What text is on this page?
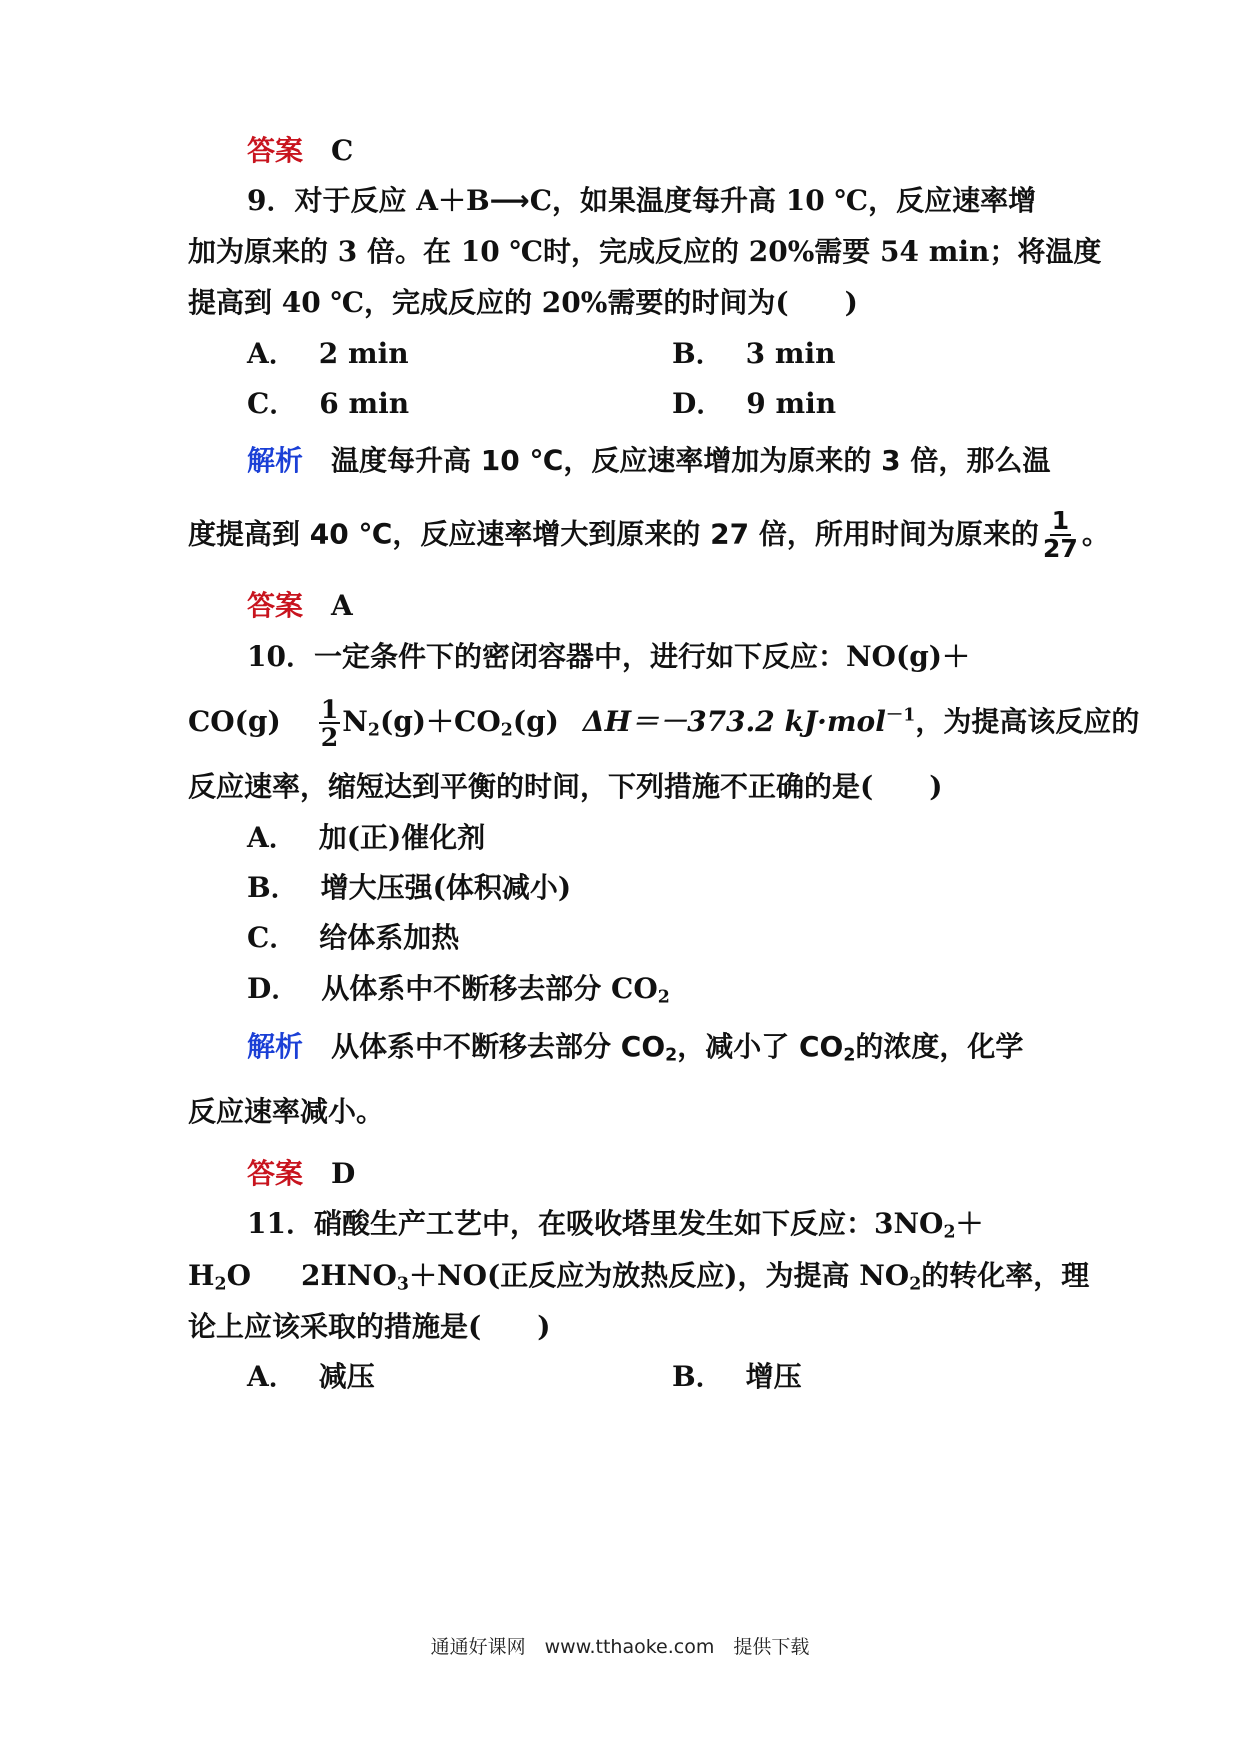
答案 C
9．对于反应 A＋B⟶C，如果温度每升高 10 ℃，反应速率增
加为原来的 3 倍。在 10 ℃时，完成反应的 20%需要 54 min；将温度
提高到 40 ℃，完成反应的 20%需要的时间为(　　)
A． 2 min	B． 3 min
C． 6 min	D． 9 min
解析 温度每升高 10 ℃，反应速率增加为原来的 3 倍，那么温
度提高到 40 ℃，反应速率增大到原来的 27 倍，所用时间为原来的 $\frac{1}{27}$ 。
答案 A
10．一定条件下的密闭容器中，进行如下反应：NO(g)＋
$CO(g) \frac{1}{2} N_2(g)+CO_2(g)$ ΔH＝－373.2 kJ·mol$^{-1}$，为提高该反应的
反应速率，缩短达到平衡的时间，下列措施不正确的是(　　)
A． 加(正)催化剂
B． 增大压强(体积减小)
C． 给体系加热
D． 从体系中不断移去部分 $CO_2$
解析 从体系中不断移去部分 $CO_2$，减小了 $CO_2$的浓度，化学
反应速率减小。
答案 D
11．硝酸生产工艺中，在吸收塔里发生如下反应：$3NO_2+$
$H_2O$ $2HNO_3+NO$(正反应为放热反应)，为提高 $NO_2$的转化率，理
论上应该采取的措施是(　　)
A． 减压	B． 增压
通通好课网　www.tthaoke.com　提供下载
